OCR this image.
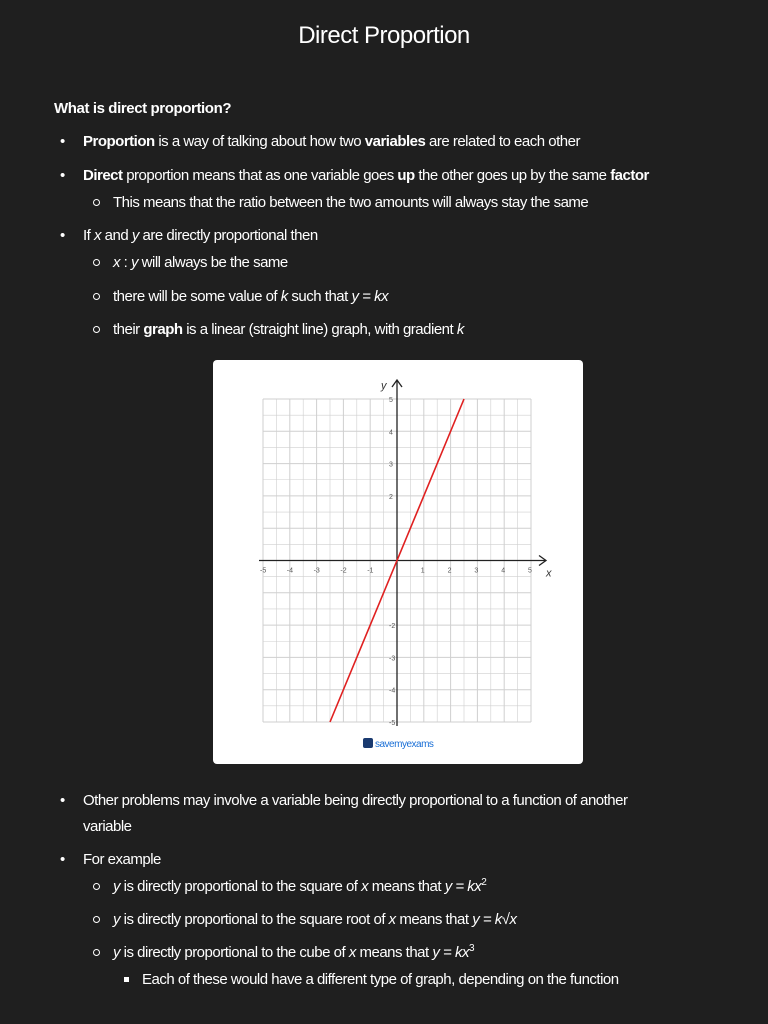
Direct Proportion
What is direct proportion?
Proportion is a way of talking about how two variables are related to each other
Direct proportion means that as one variable goes up the other goes up by the same factor
This means that the ratio between the two amounts will always stay the same
If x and y are directly proportional then
x : y will always be the same
there will be some value of k such that y = kx
their graph is a linear (straight line) graph, with gradient k
x
y
-5	-4	-3	-2	-1	1	2	3	4	5
-5
-4
-3
-2
2
3
4
5
savemyexams
Other problems may involve a variable being directly proportional to a function of another
variable
For example
y is directly proportional to the square of x means that $y = kx^2$
y is directly proportional to the square root of x means that y = k√x
y is directly proportional to the cube of x means that $y = kx^3$
Each of these would have a different type of graph, depending on the function
